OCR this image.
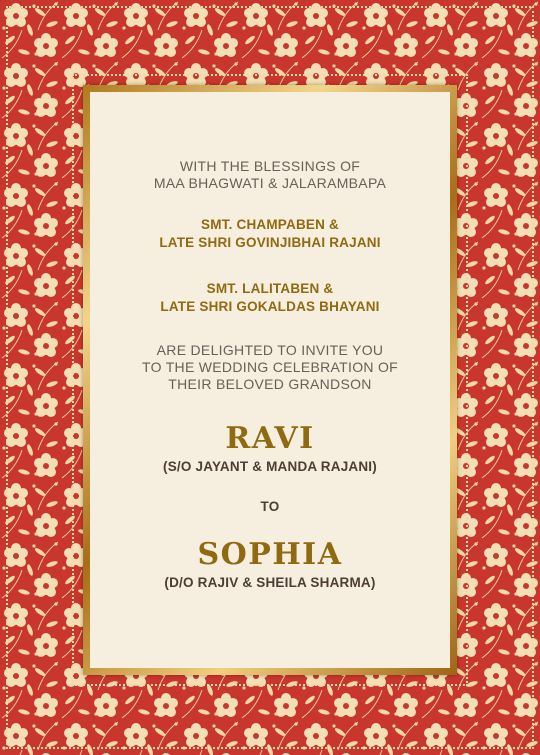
WITH THE BLESSINGS OF
MAA BHAGWATI & JALARAMBAPA
SMT. CHAMPABEN &
LATE SHRI GOVINJIBHAI RAJANI
SMT. LALITABEN &
LATE SHRI GOKALDAS BHAYANI
ARE DELIGHTED TO INVITE YOU
TO THE WEDDING CELEBRATION OF
THEIR BELOVED GRANDSON
RAVI
(S/O JAYANT & MANDA RAJANI)
TO
SOPHIA
(D/O RAJIV & SHEILA SHARMA)
